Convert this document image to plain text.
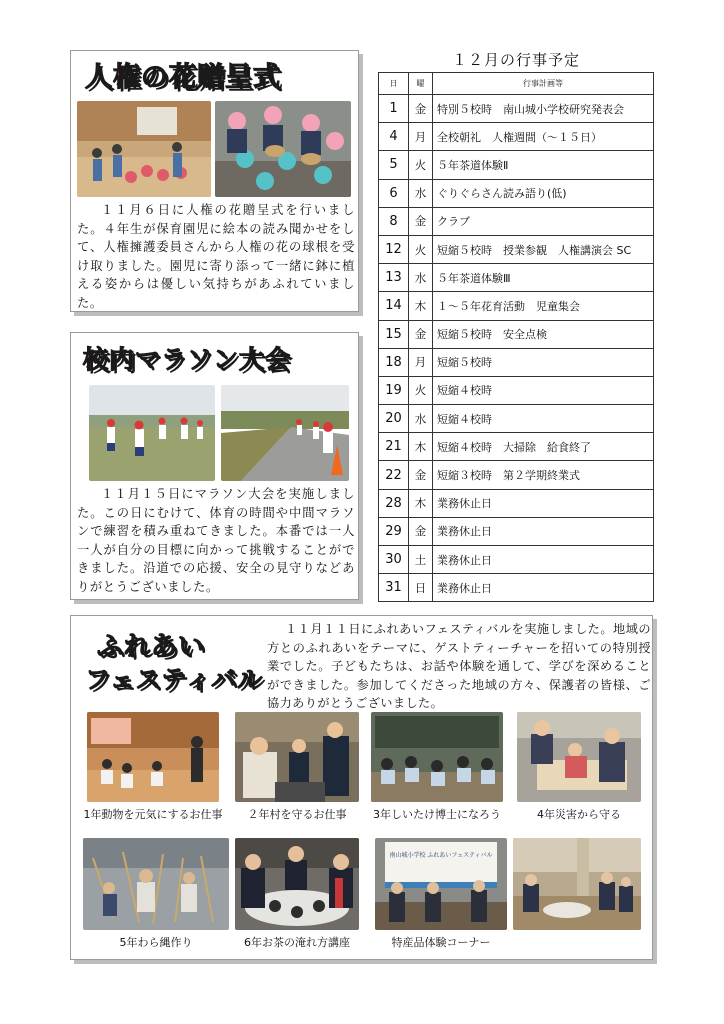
人権の花贈呈式
１１月６日に人権の花贈呈式を行いました。４年生が保育園児に絵本の読み聞かせをして、人権擁護委員さんから人権の花の球根を受け取りました。園児に寄り添って一緒に鉢に植える姿からは優しい気持ちがあふれていました。
校内マラソン大会
１１月１５日にマラソン大会を実施しました。この日にむけて、体育の時間や中間マラソンで練習を積み重ねてきました。本番では一人一人が自分の目標に向かって挑戦することができました。沿道での応援、安全の見守りなどありがとうございました。
１２月の行事予定
日	曜	行事計画等
1	金	特別５校時　南山城小学校研究発表会
4	月	全校朝礼　人権週間（～１５日）
5	火	５年茶道体験Ⅱ
6	水	ぐりぐらさん読み語り(低)
8	金	クラブ
12	火	短縮５校時　授業参観　人権講演会 SC
13	水	５年茶道体験Ⅲ
14	木	１～５年花育活動　児童集会
15	金	短縮５校時　安全点検
18	月	短縮５校時
19	火	短縮４校時
20	水	短縮４校時
21	木	短縮４校時　大掃除　給食終了
22	金	短縮３校時　第２学期終業式
28	木	業務休止日
29	金	業務休止日
30	土	業務休止日
31	日	業務休止日
ふれあい
フェスティバル
１１月１１日にふれあいフェスティバルを実施しました。地域の方とのふれあいをテーマに、ゲストティーチャーを招いての特別授業でした。子どもたちは、お話や体験を通して、学びを深めることができました。参加してくださった地域の方々、保護者の皆様、ご協力ありがとうございました。
1年動物を元気にするお仕事	２年村を守るお仕事	3年しいたけ博士になろう	4年災害から守る
南山城小学校 ふれあいフェスティバル
5年わら縄作り	6年お茶の淹れ方講座	特産品体験コーナー
